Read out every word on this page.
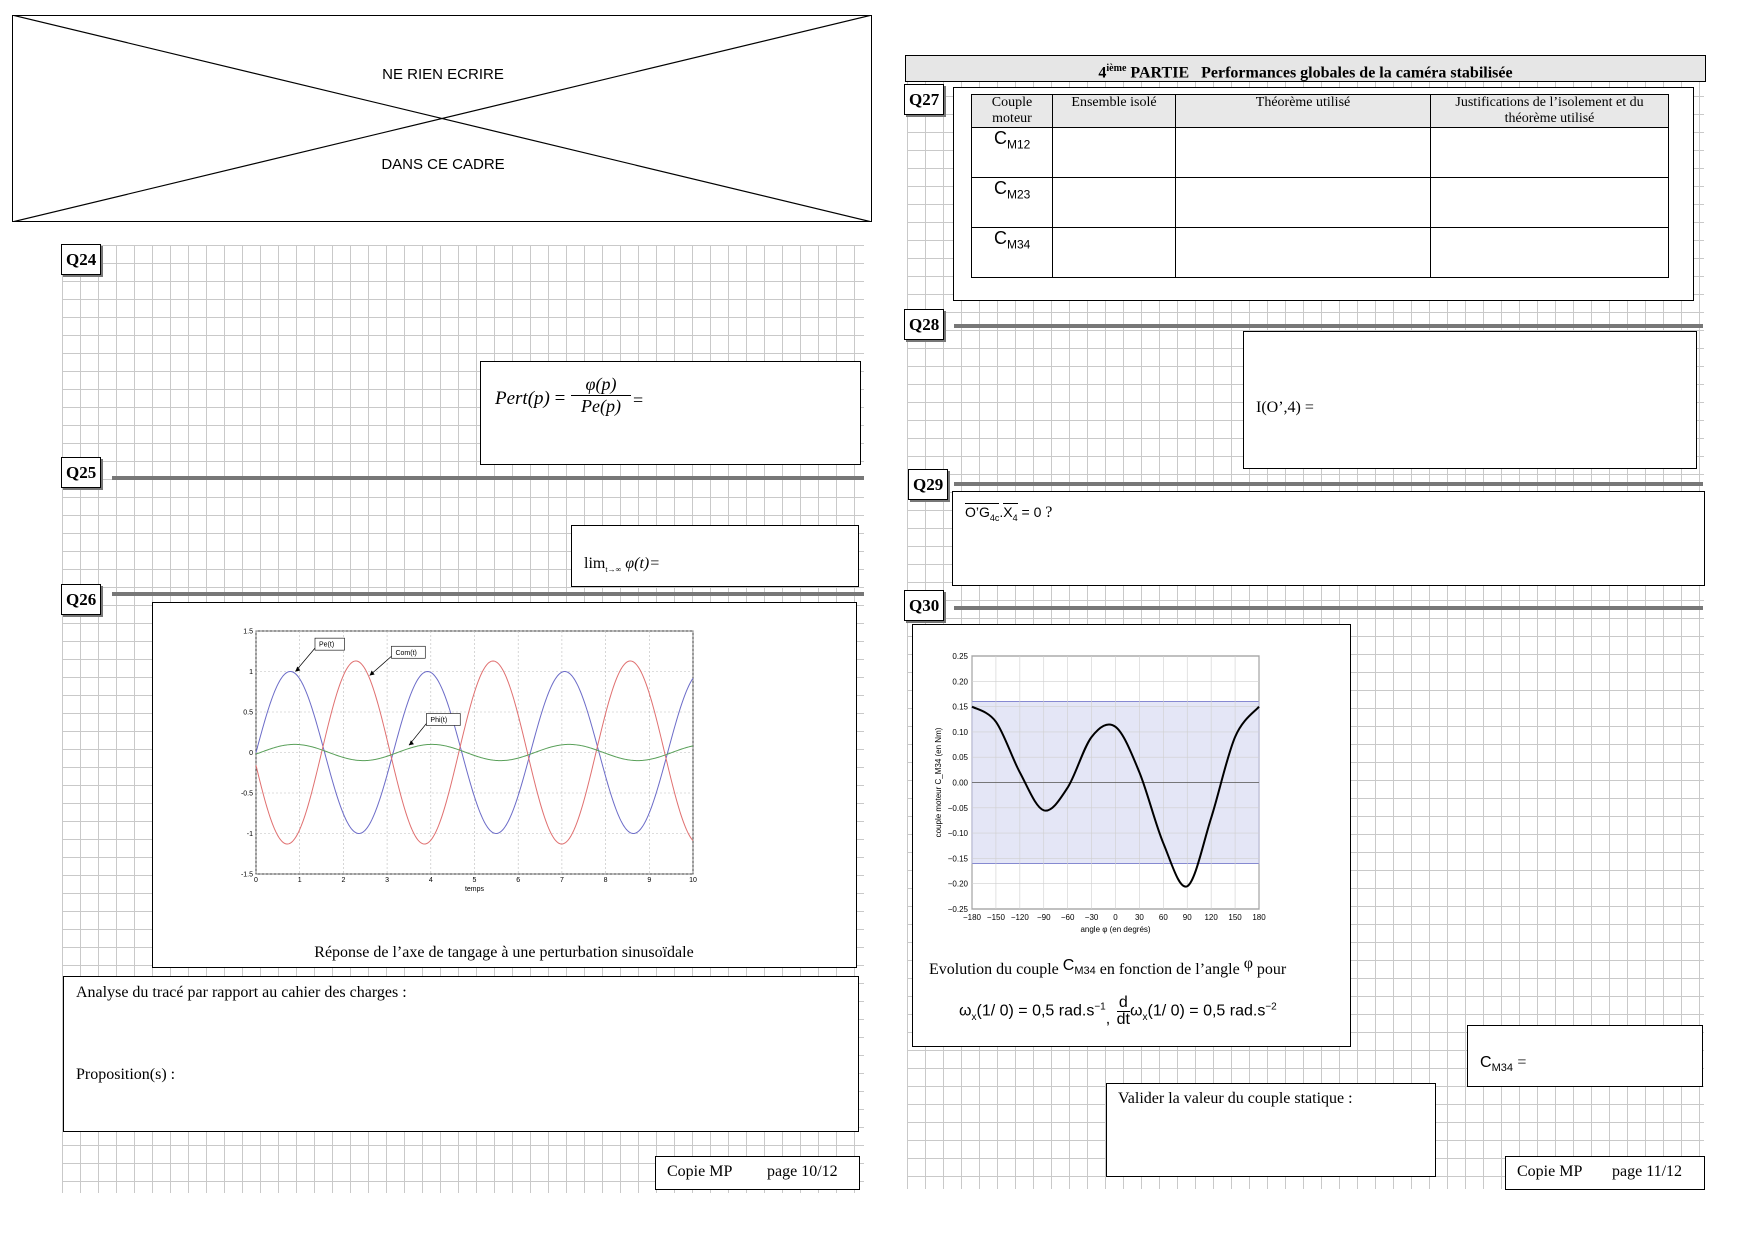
NE RIEN ECRIRE
DANS CE CADRE
Q24
Pert(p) = $\frac{\varphi(p)}{Pe(p)}$ =
Q25
$\lim_{t\to\infty} \varphi(t)=$
Q26
0	1	2	3	4	5	6	7	8	9	10
-1.5
-1
-0.5
0
0.5
1
1.5
temps
Pe(t)
Com(t)
Phi(t)
Réponse de l’axe de tangage à une perturbation sinusoïdale
Analyse du tracé par rapport au cahier des charges :
Proposition(s) :
Copie MP page 10/12
4ième PARTIE   Performances globales de la caméra stabilisée
Q27	Couple moteur	Ensemble isolé	Théorème utilisé	Justifications de l’isolement et du théorème utilisé
$C_{M12}$			
$C_{M23}$			
$C_{M34}$			
Q28
I(O’,4) =
Q29
$O’G_{4c}.X_4 = 0$ ?
Q30
−180 −150 −120 −90 −60 −30 0 30 60 90 120 150 180
−0.25
−0.20
−0.15
−0.10
−0.05
0.00
0.05
0.10
0.15
0.20
0.25
angle φ (en degrés)
couple moteur C_M34 (en Nm)
Evolution du couple $C_{M34}$ en fonction de l’angle φ pour
$\omega_x(1/$ 0) = 0,5 $rad.s^{-1}$, $\frac{d}{dt} \omega_x(1/$ 0) = 0,5 $rad.s^{-2}$
$C_{M34}$ =
Valider la valeur du couple statique :
Copie MP page 11/12
